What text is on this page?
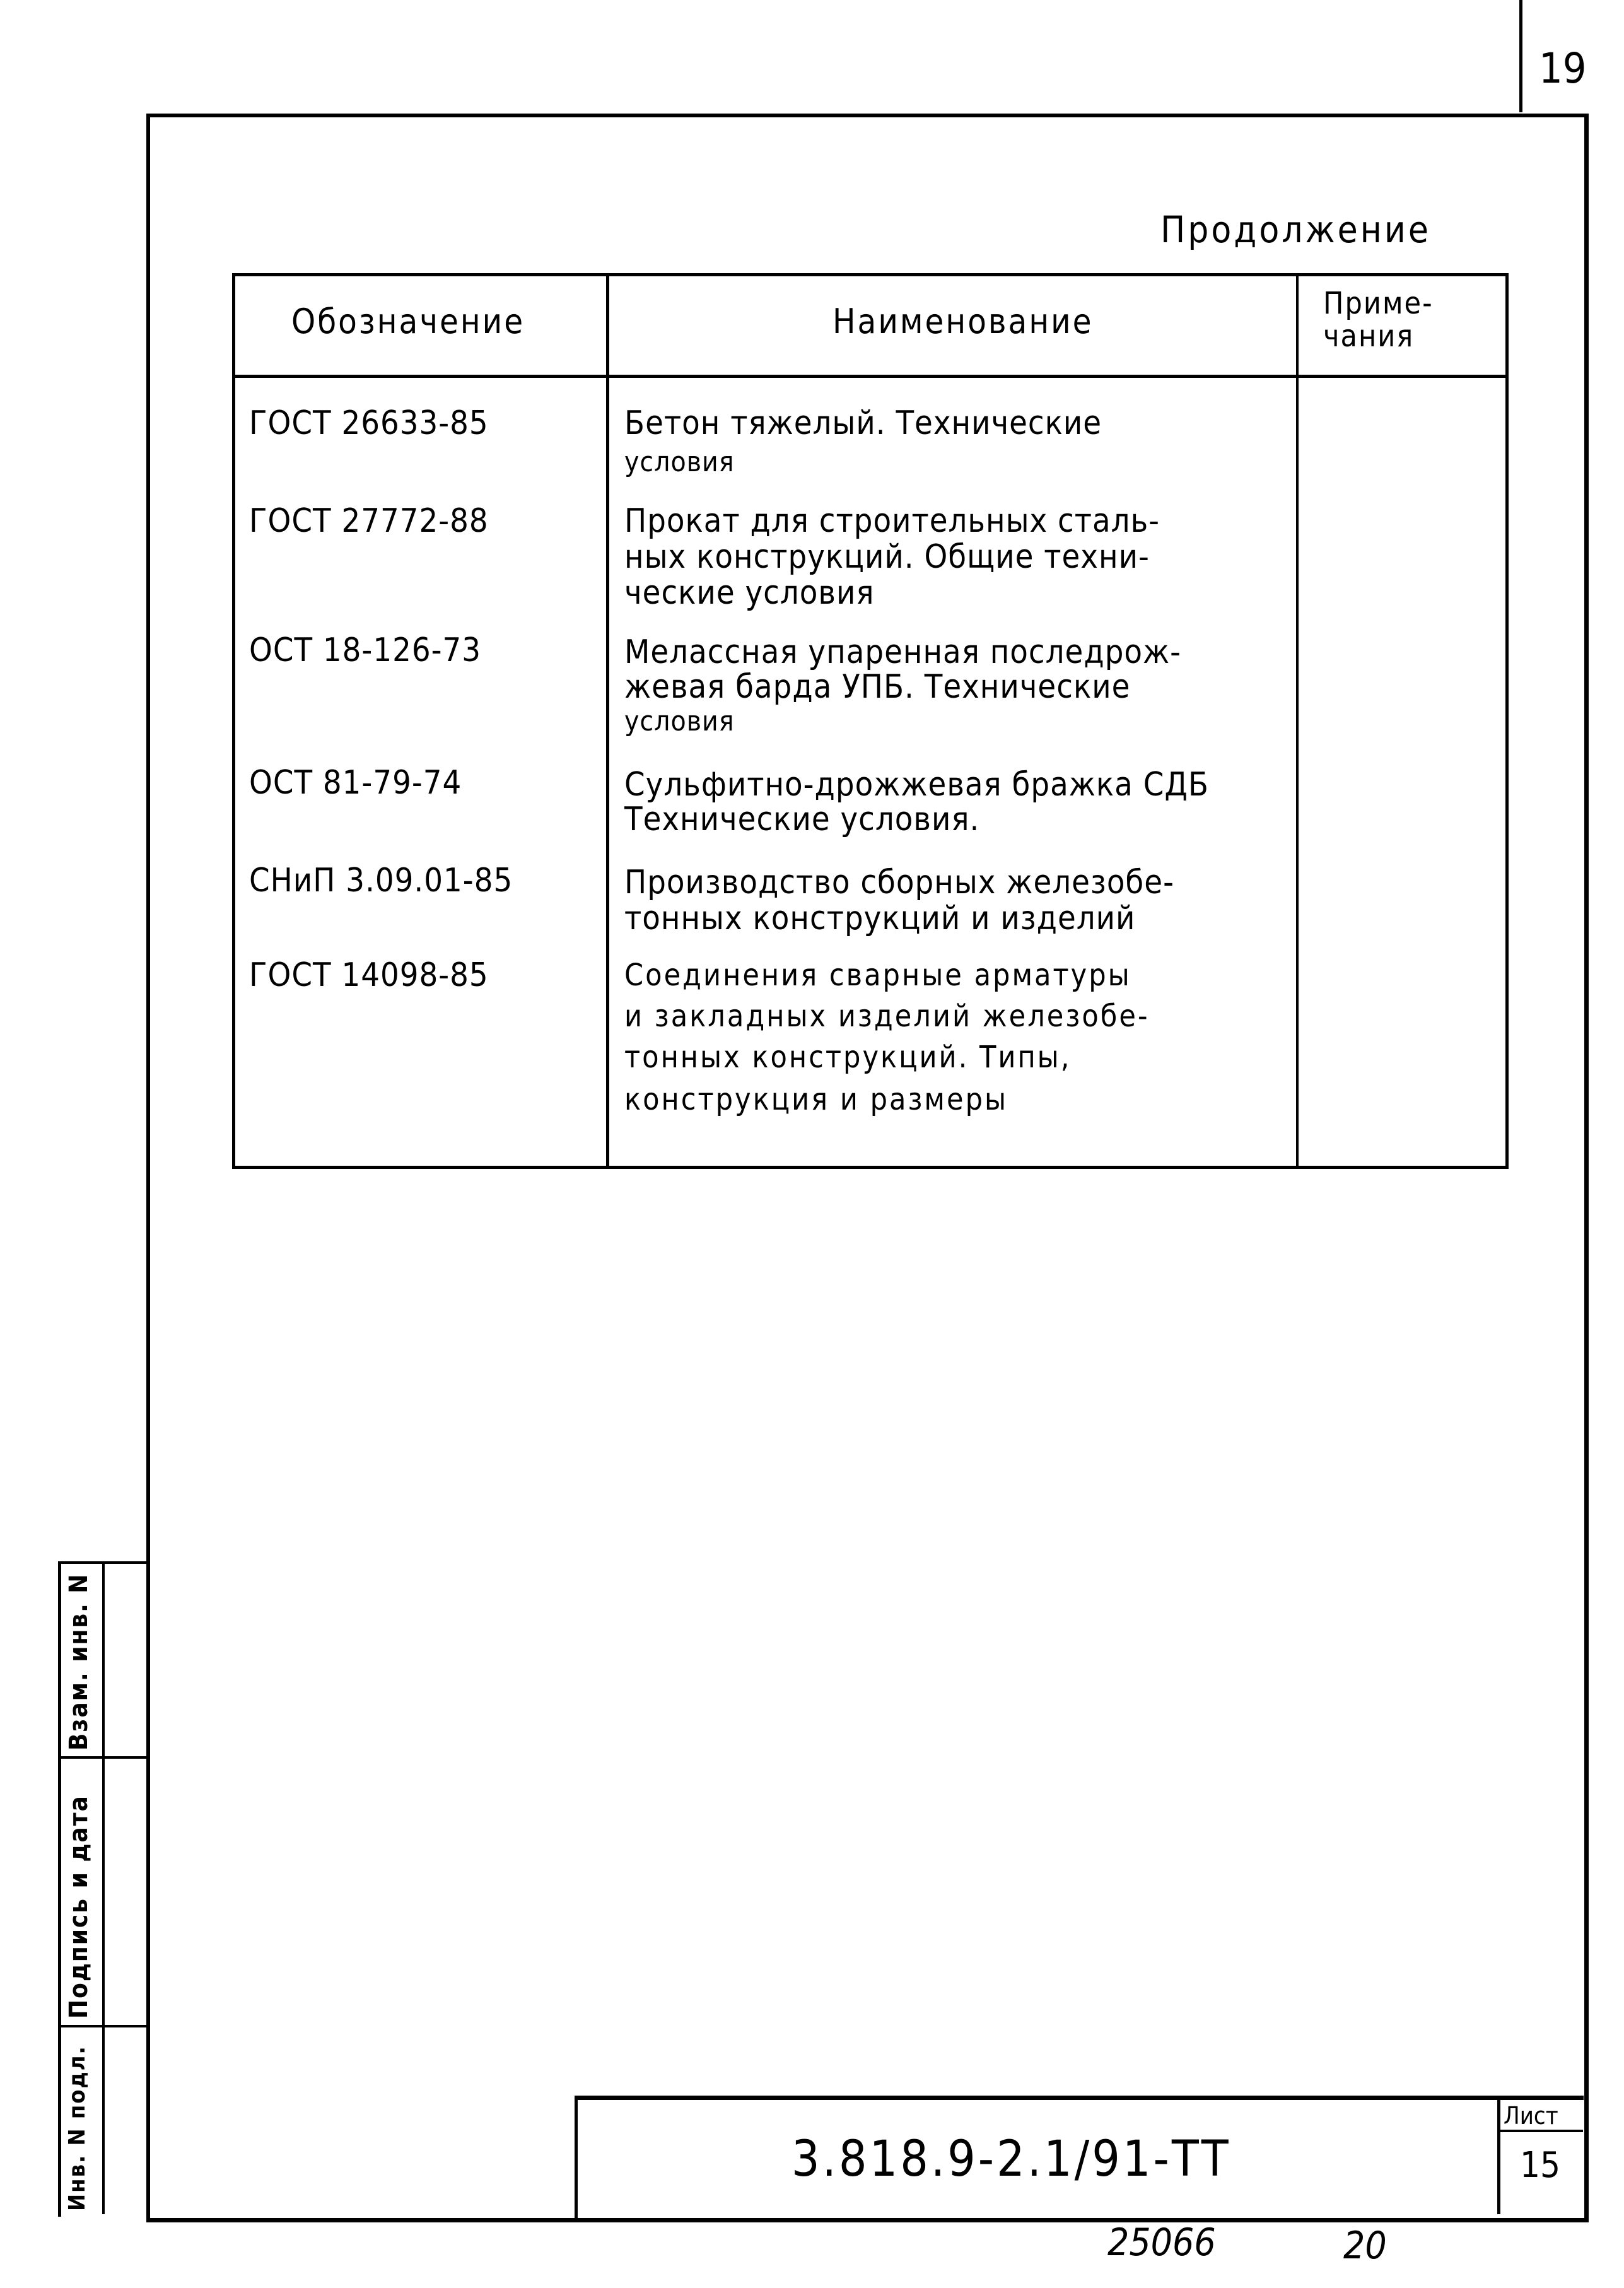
19
Продолжение
Обозначение	Наименование	Приме-
чания
ГОСТ 26633-85	Бетон тяжелый. Технические
условия
ГОСТ 27772-88	Прокат для строительных сталь-
ных конструкций. Общие техни-
ческие условия
ОСТ 18-126-73	Мелассная упаренная последрож-
жевая барда УПБ. Технические
условия
ОСТ 81-79-74	Сульфитно-дрожжевая бражка СДБ
Технические условия.
СНиП 3.09.01-85	Производство сборных железобе-
тонных конструкций и изделий
ГОСТ 14098-85	Соединения сварные арматуры
и закладных изделий железобе-
тонных конструкций. Типы,
конструкция и размеры
Взам. инв. N
Подпись и дата
Инв. N подл.	3.818.9-2.1/91-ТТ
Лист
15
25066	20
